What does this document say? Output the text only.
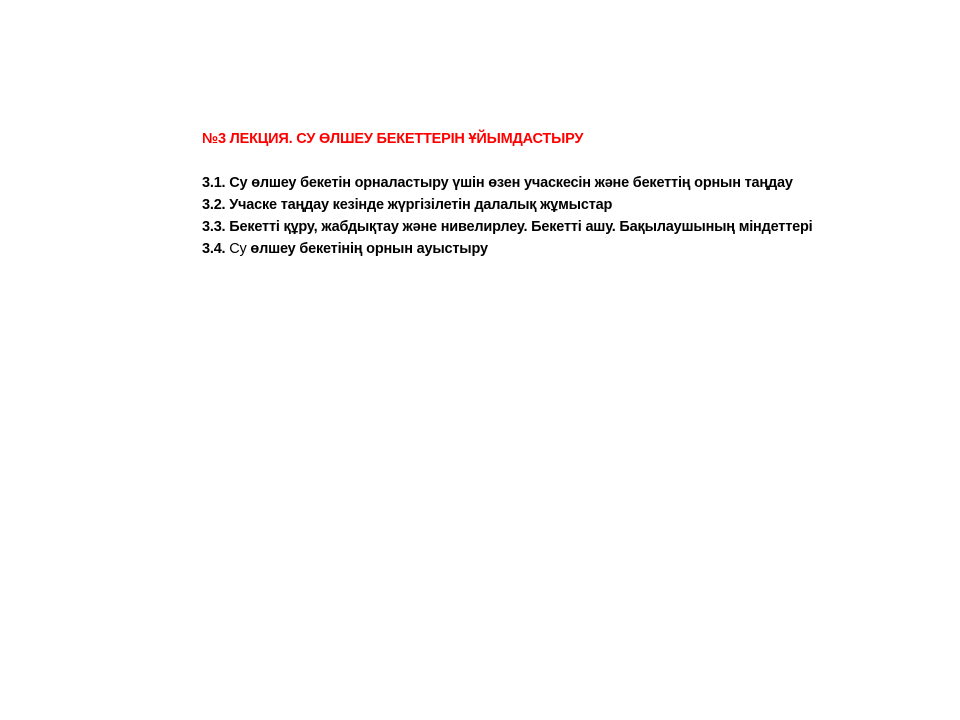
№3 ЛЕКЦИЯ. СУ ӨЛШЕУ БЕКЕТТЕРІН ҰЙЫМДАСТЫРУ

3.1. Су өлшеу бекетін орналастыру үшін өзен учаскесін және бекеттің орнын таңдау

3.2. Учаске таңдау кезінде жүргізілетін далалық жұмыстар

3.3. Бекетті құру, жабдықтау және нивелирлеу. Бекетті ашу. Бақылаушының міндеттері

3.4. Су өлшеу бекетінің орнын ауыстыру
